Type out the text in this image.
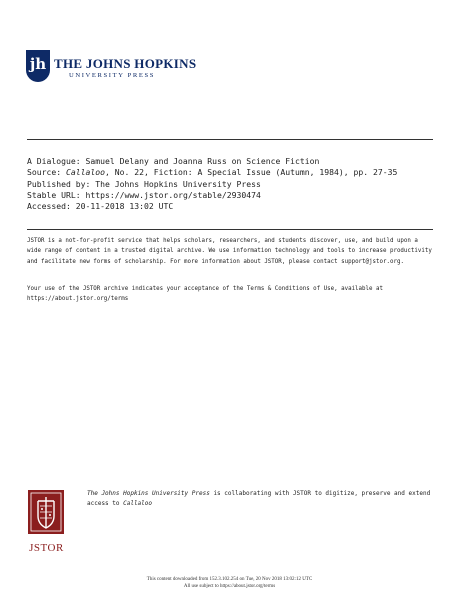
jh THE JOHNS HOPKINS
UNIVERSITY PRESS
A Dialogue: Samuel Delany and Joanna Russ on Science Fiction
Source: Callaloo, No. 22, Fiction: A Special Issue (Autumn, 1984), pp. 27-35
Published by: The Johns Hopkins University Press
Stable URL: https://www.jstor.org/stable/2930474
Accessed: 20-11-2018 13:02 UTC

JSTOR is a not-for-profit service that helps scholars, researchers, and students discover, use, and build upon a wide range of content in a trusted digital archive. We use information technology and tools to increase productivity and facilitate new forms of scholarship. For more information about JSTOR, please contact support@jstor.org.

Your use of the JSTOR archive indicates your acceptance of the Terms & Conditions of Use, available at

https://about.jstor.org/terms

JSTOR
The Johns Hopkins University Press is collaborating with JSTOR to digitize, preserve and extend access to Callaloo
This content downloaded from 152.3.102.254 on Tue, 20 Nov 2018 13:02:12 UTC
All use subject to https://about.jstor.org/terms
